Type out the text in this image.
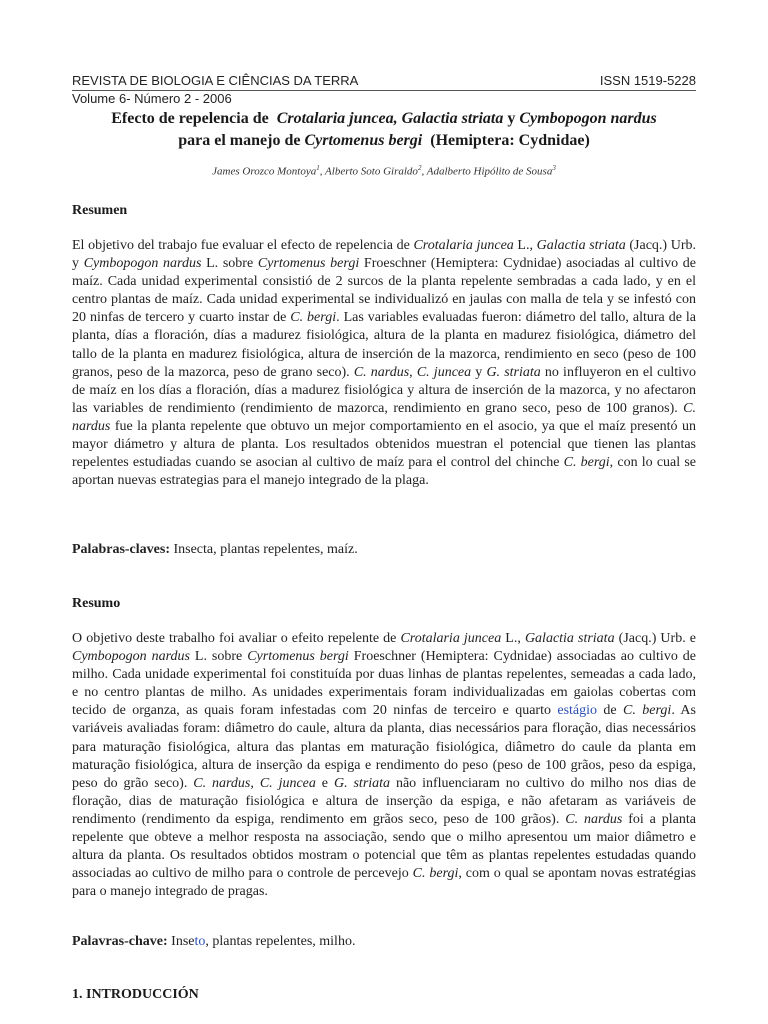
REVISTA DE BIOLOGIA E CIÊNCIAS DA TERRA	ISSN 1519-5228
Volume 6- Número 2 - 2006
Efecto de repelencia de Crotalaria juncea, Galactia striata y Cymbopogon nardus
para el manejo de Cyrtomenus bergi (Hemiptera: Cydnidae)
James Orozco Montoya$^1$, Alberto Soto Giraldo$^2$, Adalberto Hipólito de Sousa$^3$
Resumen
El objetivo del trabajo fue evaluar el efecto de repelencia de Crotalaria juncea L., Galactia striata (Jacq.) Urb. y Cymbopogon nardus L. sobre Cyrtomenus bergi Froeschner (Hemiptera: Cydnidae) asociadas al cultivo de maíz. Cada unidad experimental consistió de 2 surcos de la planta repelente sembradas a cada lado, y en el centro plantas de maíz. Cada unidad experimental se individualizó en jaulas con malla de tela y se infestó con 20 ninfas de tercero y cuarto instar de C. bergi. Las variables evaluadas fueron: diámetro del tallo, altura de la planta, días a floración, días a madurez fisiológica, altura de la planta en madurez fisiológica, diámetro del tallo de la planta en madurez fisiológica, altura de inserción de la mazorca, rendimiento en seco (peso de 100 granos, peso de la mazorca, peso de grano seco). C. nardus, C. juncea y G. striata no influyeron en el cultivo de maíz en los días a floración, días a madurez fisiológica y altura de inserción de la mazorca, y no afectaron las variables de rendimiento (rendimiento de mazorca, rendimiento en grano seco, peso de 100 granos). C. nardus fue la planta repelente que obtuvo un mejor comportamiento en el asocio, ya que el maíz presentó un mayor diámetro y altura de planta. Los resultados obtenidos muestran el potencial que tienen las plantas repelentes estudiadas cuando se asocian al cultivo de maíz para el control del chinche C. bergi, con lo cual se aportan nuevas estrategias para el manejo integrado de la plaga.
Palabras-claves: Insecta, plantas repelentes, maíz.
Resumo
O objetivo deste trabalho foi avaliar o efeito repelente de Crotalaria juncea L., Galactia striata (Jacq.) Urb. e Cymbopogon nardus L. sobre Cyrtomenus bergi Froeschner (Hemiptera: Cydnidae) associadas ao cultivo de milho. Cada unidade experimental foi constituída por duas linhas de plantas repelentes, semeadas a cada lado, e no centro plantas de milho. As unidades experimentais foram individualizadas em gaiolas cobertas com tecido de organza, as quais foram infestadas com 20 ninfas de terceiro e quarto estágio de C. bergi. As variáveis avaliadas foram: diâmetro do caule, altura da planta, dias necessários para floração, dias necessários para maturação fisiológica, altura das plantas em maturação fisiológica, diâmetro do caule da planta em maturação fisiológica, altura de inserção da espiga e rendimento do peso (peso de 100 grãos, peso da espiga, peso do grão seco). C. nardus, C. juncea e G. striata não influenciaram no cultivo do milho nos dias de floração, dias de maturação fisiológica e altura de inserção da espiga, e não afetaram as variáveis de rendimento (rendimento da espiga, rendimento em grãos seco, peso de 100 grãos). C. nardus foi a planta repelente que obteve a melhor resposta na associação, sendo que o milho apresentou um maior diâmetro e altura da planta. Os resultados obtidos mostram o potencial que têm as plantas repelentes estudadas quando associadas ao cultivo de milho para o controle de percevejo C. bergi, com o qual se apontam novas estratégias para o manejo integrado de pragas.
Palavras-chave: Inseto, plantas repelentes, milho.
1. INTRODUCCIÓN
